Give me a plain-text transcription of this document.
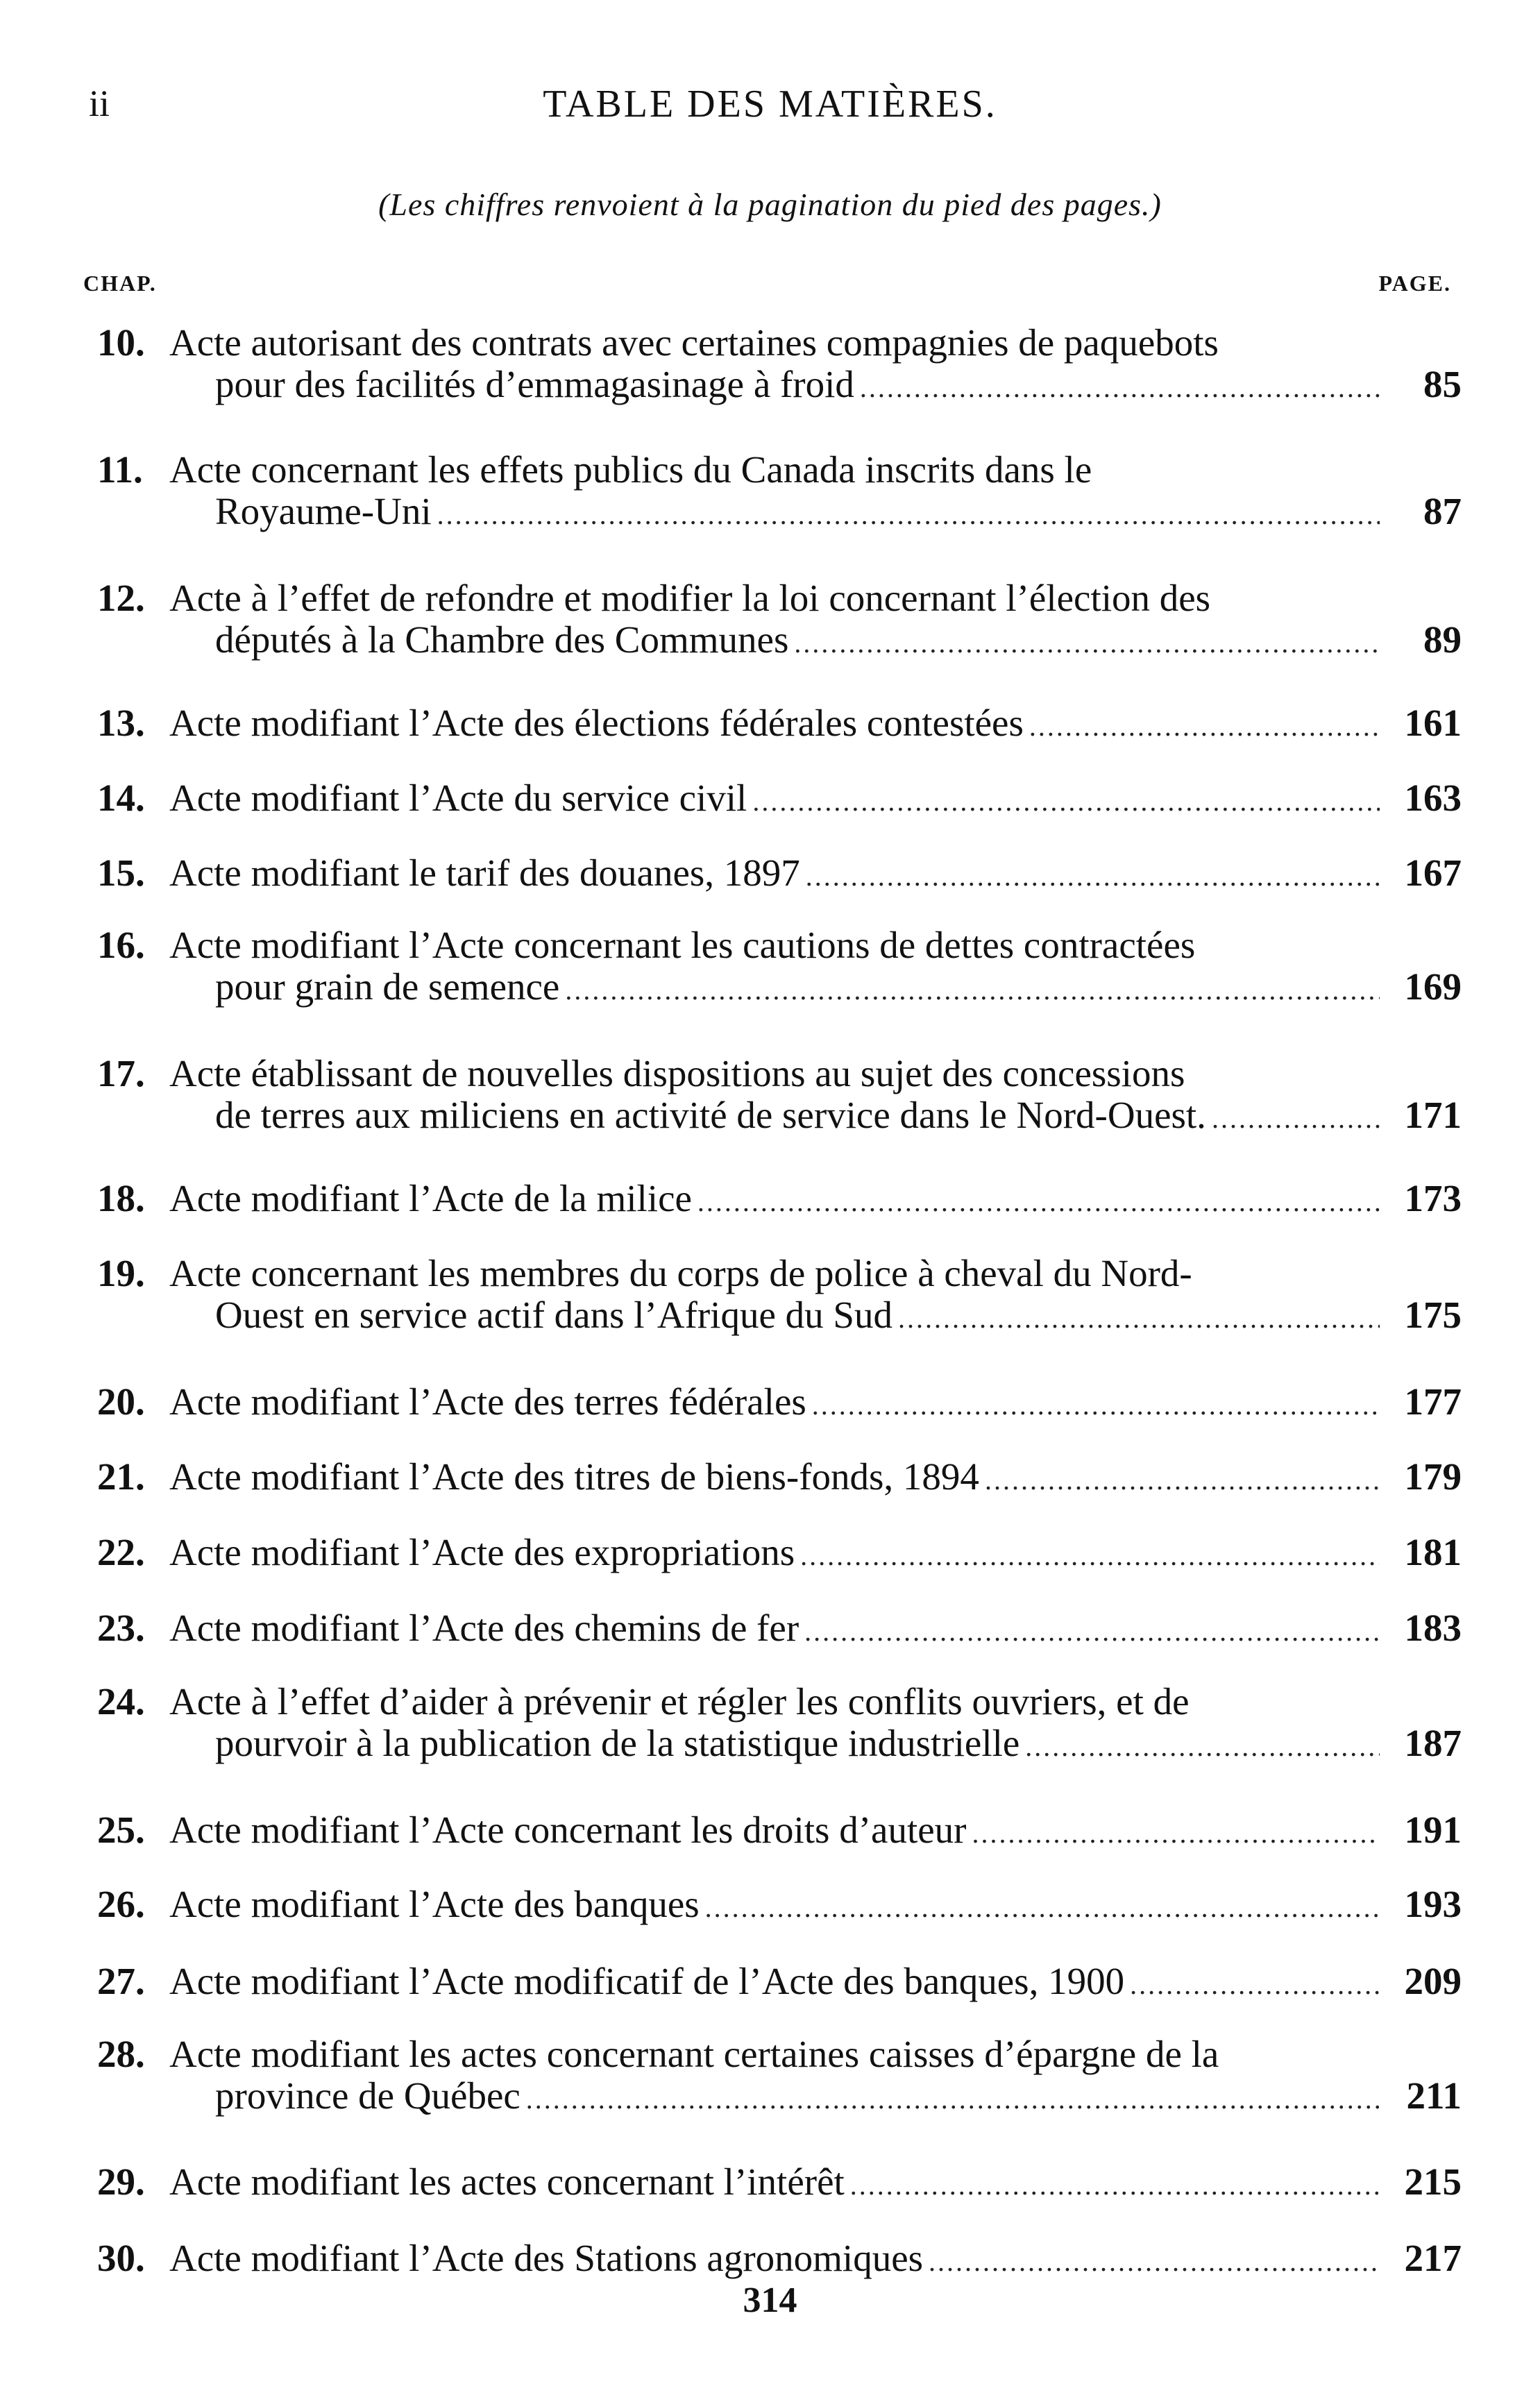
ii	TABLE DES MATIÈRES.
(Les chiffres renvoient à la pagination du pied des pages.)
CHAP.	PAGE.
10. Acte autorisant des contrats avec certaines compagnies de paquebots
pour des facilités d’emmagasinage à froid .....	85
11. Acte concernant les effets publics du Canada inscrits dans le
Royaume-Uni .....	87
12. Acte à l’effet de refondre et modifier la loi concernant l’élection des
députés à la Chambre des Communes .....	89
13. Acte modifiant l’Acte des élections fédérales contestées .....	161
14. Acte modifiant l’Acte du service civil .....	163
15. Acte modifiant le tarif des douanes, 1897 .....	167
16. Acte modifiant l’Acte concernant les cautions de dettes contractées
pour grain de semence .....	169
17. Acte établissant de nouvelles dispositions au sujet des concessions
de terres aux miliciens en activité de service dans le Nord-Ouest. .....	171
18. Acte modifiant l’Acte de la milice .....	173
19. Acte concernant les membres du corps de police à cheval du Nord-
Ouest en service actif dans l’Afrique du Sud .....	175
20. Acte modifiant l’Acte des terres fédérales .....	177
21. Acte modifiant l’Acte des titres de biens-fonds, 1894 .....	179
22. Acte modifiant l’Acte des expropriations .....	181
23. Acte modifiant l’Acte des chemins de fer .....	183
24. Acte à l’effet d’aider à prévenir et régler les conflits ouvriers, et de
pourvoir à la publication de la statistique industrielle .....	187
25. Acte modifiant l’Acte concernant les droits d’auteur .....	191
26. Acte modifiant l’Acte des banques .....	193
27. Acte modifiant l’Acte modificatif de l’Acte des banques, 1900 .....	209
28. Acte modifiant les actes concernant certaines caisses d’épargne de la
province de Québec .....	211
29. Acte modifiant les actes concernant l’intérêt .....	215
30. Acte modifiant l’Acte des Stations agronomiques .....	217
314
